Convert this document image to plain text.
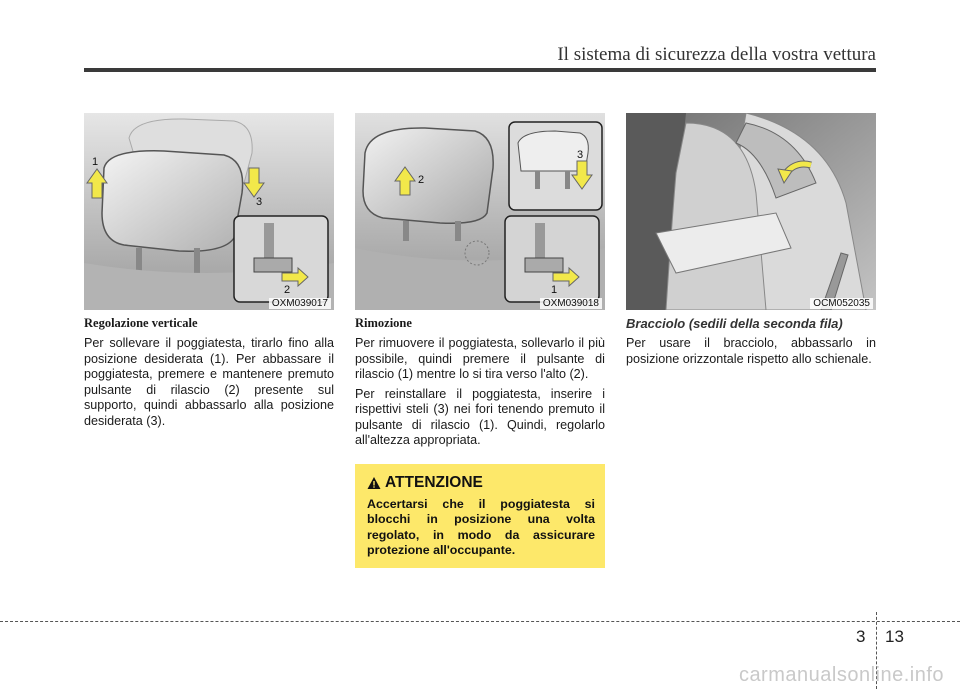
Il sistema di sicurezza della vostra vettura
1
2
3
OXM039017
2
3
1
OXM039018	OCM052035
Regolazione verticale

Per sollevare il poggiatesta, tirarlo fino alla posizione desiderata (1). Per abbassare il poggiatesta, premere e mantenere premuto pulsante di rilascio (2) presente sul supporto, quindi abbassarlo alla posizione desiderata (3).

Rimozione

Per rimuovere il poggiatesta, sollevarlo il più possibile, quindi premere il pulsante di rilascio (1) mentre lo si tira verso l'alto (2).

Per reinstallare il poggiatesta, inserire i rispettivi steli (3) nei fori tenendo premuto il pulsante di rilascio (1). Quindi, regolarlo all'altezza appropriata.

ATTENZIONE
Accertarsi che il poggiatesta si blocchi in posizione una volta regolato, in modo da assicurare protezione all'occupante.
Bracciolo (sedili della seconda fila)

Per usare il bracciolo, abbassarlo in posizione orizzontale rispetto allo schienale.

3 13
carmanualsonline.info
